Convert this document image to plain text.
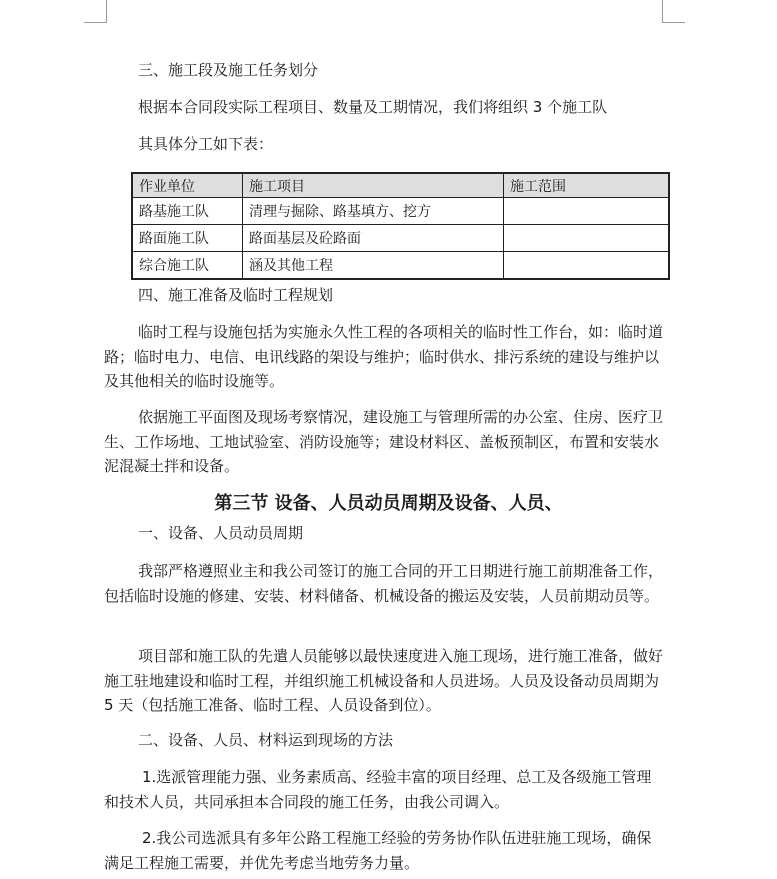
三、施工段及施工任务划分
根据本合同段实际工程项目、数量及工期情况，我们将组织 3 个施工队
其具体分工如下表：
作业单位	施工项目	施工范围
路基施工队	清理与掘除、路基填方、挖方	
路面施工队	路面基层及砼路面	
综合施工队	涵及其他工程	
四、施工准备及临时工程规划
临时工程与设施包括为实施永久性工程的各项相关的临时性工作台，如：临时道路；临时电力、电信、电讯线路的架设与维护；临时供水、排污系统的建设与维护以及其他相关的临时设施等。
依据施工平面图及现场考察情况，建设施工与管理所需的办公室、住房、医疗卫生、工作场地、工地试验室、消防设施等；建设材料区、盖板预制区，布置和安装水泥混凝土拌和设备。
第三节 设备、人员动员周期及设备、人员、
一、设备、人员动员周期
我部严格遵照业主和我公司签订的施工合同的开工日期进行施工前期准备工作，包括临时设施的修建、安装、材料储备、机械设备的搬运及安装，人员前期动员等。
项目部和施工队的先遣人员能够以最快速度进入施工现场，进行施工准备，做好施工驻地建设和临时工程，并组织施工机械设备和人员进场。人员及设备动员周期为 5 天（包括施工准备、临时工程、人员设备到位）。
二、设备、人员、材料运到现场的方法
1.选派管理能力强、业务素质高、经验丰富的项目经理、总工及各级施工管理和技术人员，共同承担本合同段的施工任务，由我公司调入。
2.我公司选派具有多年公路工程施工经验的劳务协作队伍进驻施工现场，确保满足工程施工需要，并优先考虑当地劳务力量。
